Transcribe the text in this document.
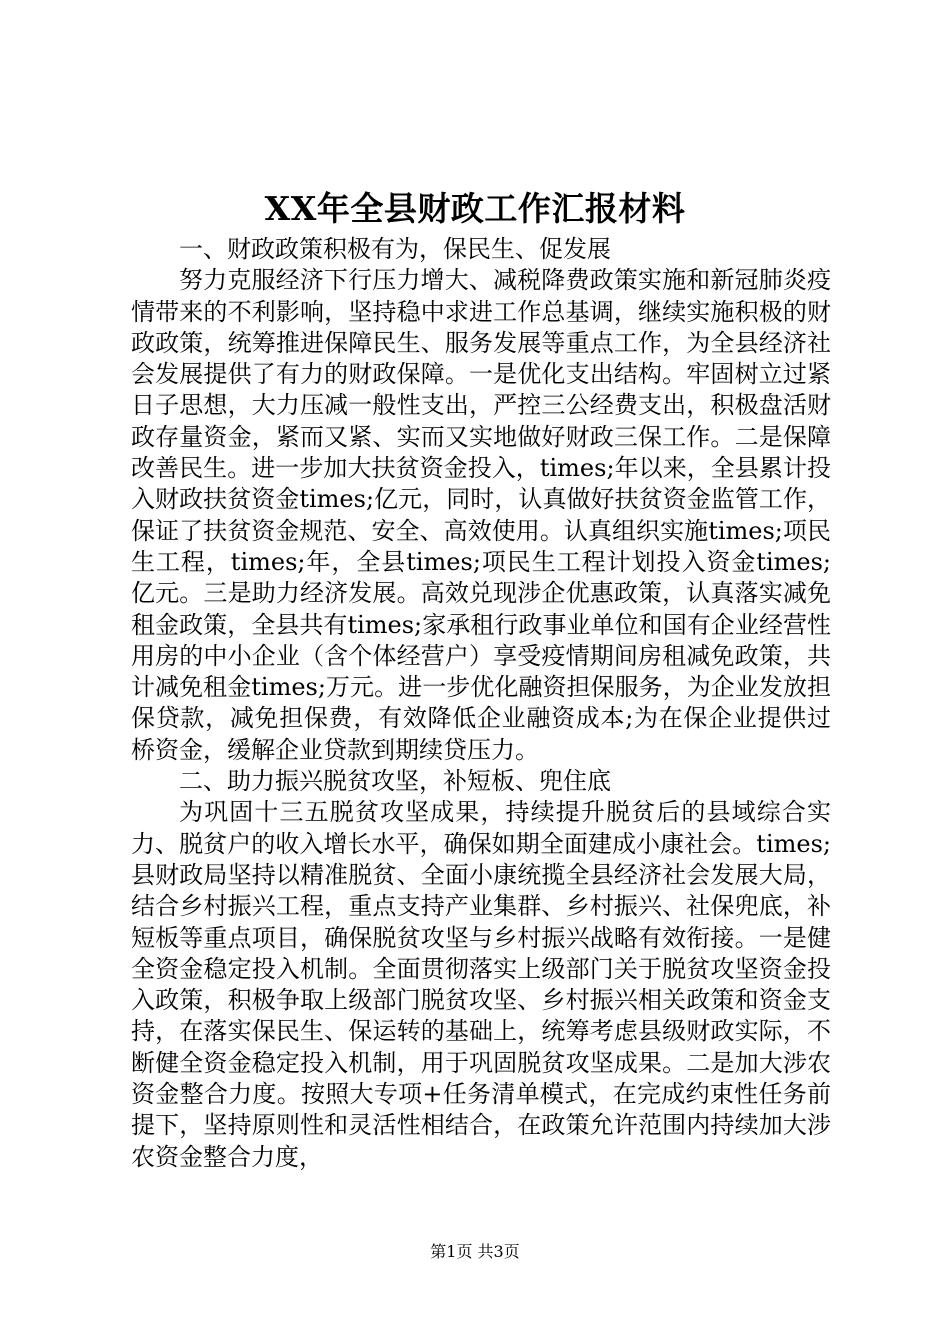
XX年全县财政工作汇报材料

一、财政政策积极有为，保民生、促发展

努力克服经济下行压力增大、减税降费政策实施和新冠肺炎疫情带来的不利影响，坚持稳中求进工作总基调，继续实施积极的财政政策，统筹推进保障民生、服务发展等重点工作，为全县经济社会发展提供了有力的财政保障。一是优化支出结构。牢固树立过紧日子思想，大力压减一般性支出，严控三公经费支出，积极盘活财政存量资金，紧而又紧、实而又实地做好财政三保工作。二是保障改善民生。进一步加大扶贫资金投入，times;年以来，全县累计投入财政扶贫资金times;亿元，同时，认真做好扶贫资金监管工作，保证了扶贫资金规范、安全、高效使用。认真组织实施times;项民生工程，times;年，全县times;项民生工程计划投入资金times;亿元。三是助力经济发展。高效兑现涉企优惠政策，认真落实减免租金政策，全县共有times;家承租行政事业单位和国有企业经营性用房的中小企业（含个体经营户）享受疫情期间房租减免政策，共计减免租金times;万元。进一步优化融资担保服务，为企业发放担保贷款，减免担保费，有效降低企业融资成本;为在保企业提供过桥资金，缓解企业贷款到期续贷压力。

二、助力振兴脱贫攻坚，补短板、兜住底

为巩固十三五脱贫攻坚成果，持续提升脱贫后的县域综合实力、脱贫户的收入增长水平，确保如期全面建成小康社会。times;县财政局坚持以精准脱贫、全面小康统揽全县经济社会发展大局，结合乡村振兴工程，重点支持产业集群、乡村振兴、社保兜底，补短板等重点项目，确保脱贫攻坚与乡村振兴战略有效衔接。一是健全资金稳定投入机制。全面贯彻落实上级部门关于脱贫攻坚资金投入政策，积极争取上级部门脱贫攻坚、乡村振兴相关政策和资金支持，在落实保民生、保运转的基础上，统筹考虑县级财政实际，不断健全资金稳定投入机制，用于巩固脱贫攻坚成果。二是加大涉农资金整合力度。按照大专项+任务清单模式，在完成约束性任务前提下，坚持原则性和灵活性相结合，在政策允许范围内持续加大涉农资金整合力度，

第1页 共3页
